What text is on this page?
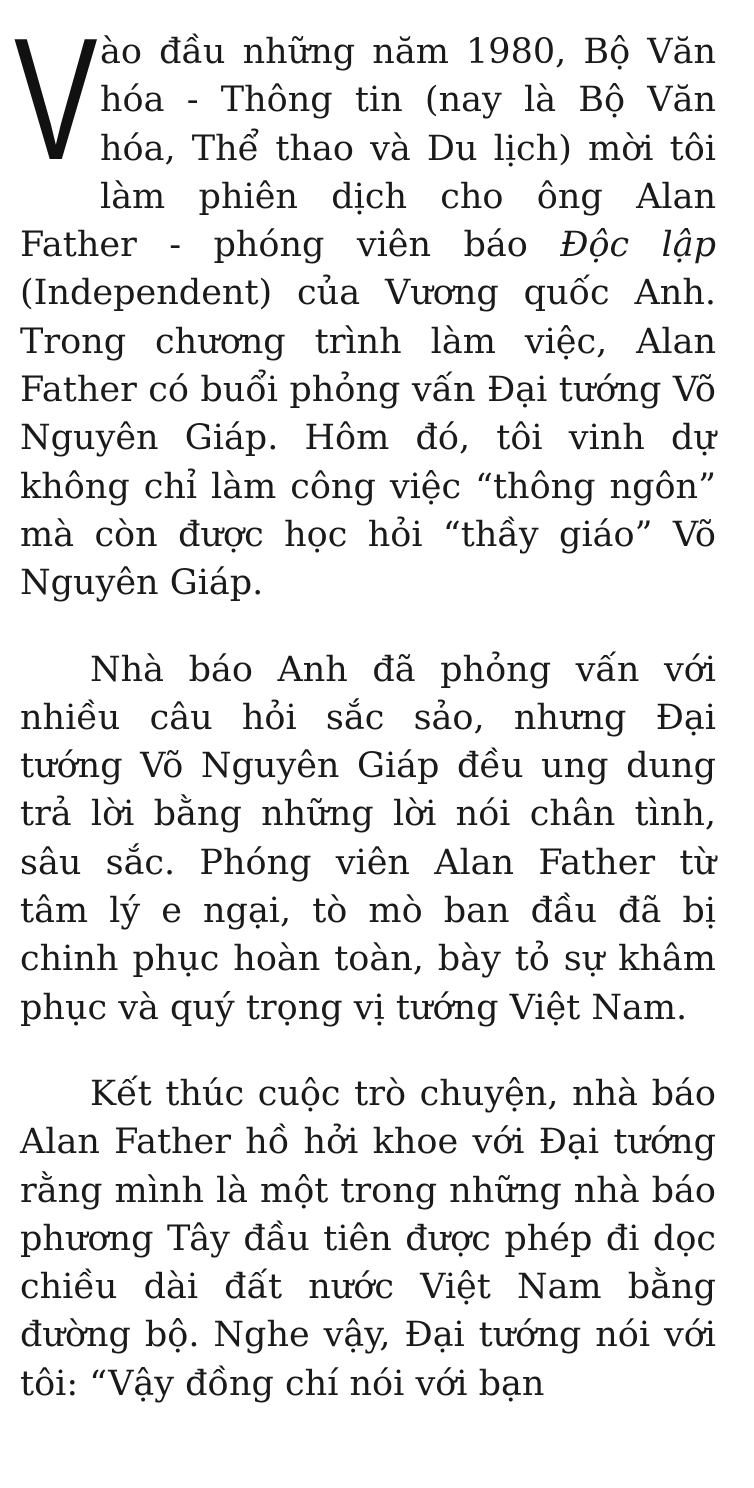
Vào đầu những năm 1980, Bộ Văn hóa - Thông tin (nay là Bộ Văn hóa, Thể thao và Du lịch) mời tôi làm phiên dịch cho ông Alan Father - phóng viên báo Độc lập (Independent) của Vương quốc Anh. Trong chương trình làm việc, Alan Father có buổi phỏng vấn Đại tướng Võ Nguyên Giáp. Hôm đó, tôi vinh dự không chỉ làm công việc “thông ngôn” mà còn được học hỏi “thầy giáo” Võ Nguyên Giáp.

Nhà báo Anh đã phỏng vấn với nhiều câu hỏi sắc sảo, nhưng Đại tướng Võ Nguyên Giáp đều ung dung trả lời bằng những lời nói chân tình, sâu sắc. Phóng viên Alan Father từ tâm lý e ngại, tò mò ban đầu đã bị chinh phục hoàn toàn, bày tỏ sự khâm phục và quý trọng vị tướng Việt Nam.

Kết thúc cuộc trò chuyện, nhà báo Alan Father hồ hởi khoe với Đại tướng rằng mình là một trong những nhà báo phương Tây đầu tiên được phép đi dọc chiều dài đất nước Việt Nam bằng đường bộ. Nghe vậy, Đại tướng nói với tôi: “Vậy đồng chí nói với bạn
